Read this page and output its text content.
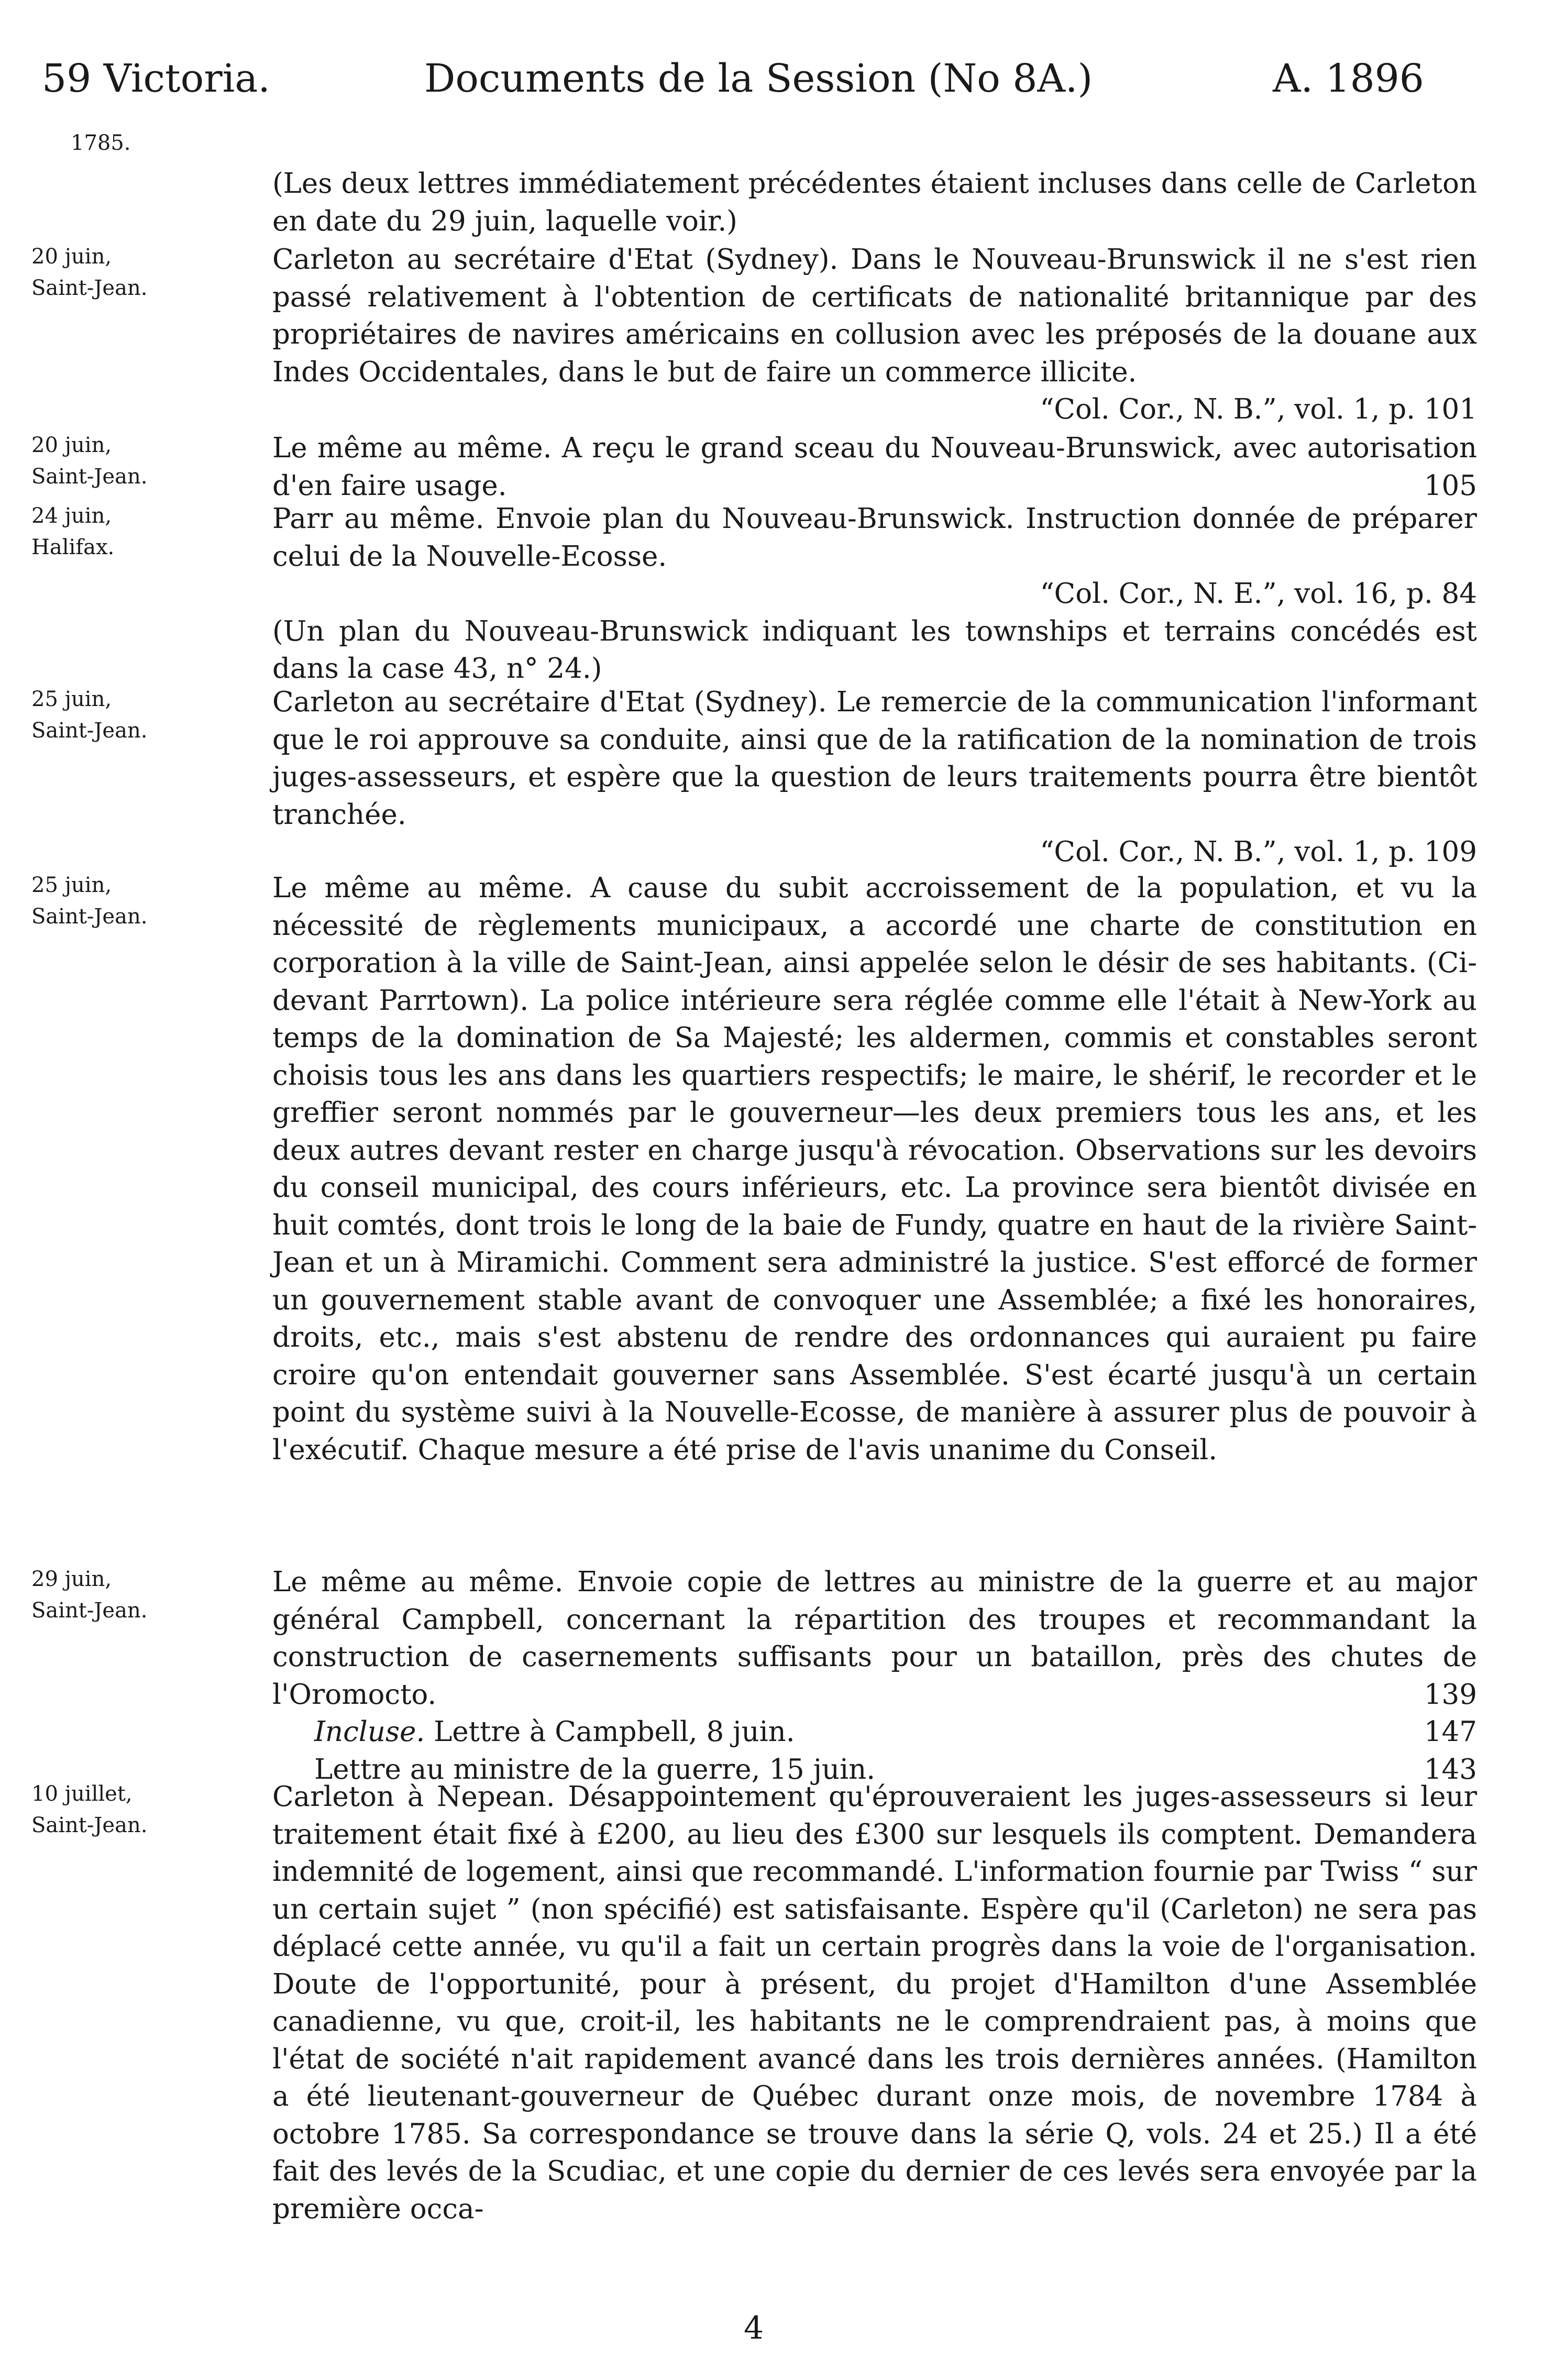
59 Victoria.	Documents de la Session (No 8A.)	A. 1896
1785.
(Les deux lettres immédiatement précédentes étaient incluses dans celle de Carleton en date du 29 juin, laquelle voir.)
20 juin,
Saint-Jean.
Carleton au secrétaire d'Etat (Sydney). Dans le Nouveau-Brunswick il ne s'est rien passé relativement à l'obtention de certificats de nationalité britannique par des propriétaires de navires américains en collusion avec les préposés de la douane aux Indes Occidentales, dans le but de faire un commerce illicite.
“Col. Cor., N. B.”, vol. 1, p. 101
20 juin,
Saint-Jean.
Le même au même. A reçu le grand sceau du Nouveau-Brunswick, avec autorisation d'en faire usage.	105
24 juin,
Halifax.
Parr au même. Envoie plan du Nouveau-Brunswick. Instruction donnée de préparer celui de la Nouvelle-Ecosse.
“Col. Cor., N. E.”, vol. 16, p. 84
(Un plan du Nouveau-Brunswick indiquant les townships et terrains concédés est dans la case 43, n° 24.)
25 juin,
Saint-Jean.
Carleton au secrétaire d'Etat (Sydney). Le remercie de la communication l'informant que le roi approuve sa conduite, ainsi que de la ratification de la nomination de trois juges-assesseurs, et espère que la question de leurs traitements pourra être bientôt tranchée.
“Col. Cor., N. B.”, vol. 1, p. 109
25 juin,
Saint-Jean.
Le même au même. A cause du subit accroissement de la population, et vu la nécessité de règlements municipaux, a accordé une charte de constitution en corporation à la ville de Saint-Jean, ainsi appelée selon le désir de ses habitants. (Ci-devant Parrtown). La police intérieure sera réglée comme elle l'était à New-York au temps de la domination de Sa Majesté; les aldermen, commis et constables seront choisis tous les ans dans les quartiers respectifs; le maire, le shérif, le recorder et le greffier seront nommés par le gouverneur—les deux premiers tous les ans, et les deux autres devant rester en charge jusqu'à révocation. Observations sur les devoirs du conseil municipal, des cours inférieurs, etc. La province sera bientôt divisée en huit comtés, dont trois le long de la baie de Fundy, quatre en haut de la rivière Saint-Jean et un à Miramichi. Comment sera administré la justice. S'est efforcé de former un gouvernement stable avant de convoquer une Assemblée; a fixé les honoraires, droits, etc., mais s'est abstenu de rendre des ordonnances qui auraient pu faire croire qu'on entendait gouverner sans Assemblée. S'est écarté jusqu'à un certain point du système suivi à la Nouvelle-Ecosse, de manière à assurer plus de pouvoir à l'exécutif. Chaque mesure a été prise de l'avis unanime du Conseil.
29 juin,
Saint-Jean.
Le même au même. Envoie copie de lettres au ministre de la guerre et au major général Campbell, concernant la répartition des troupes et recommandant la construction de casernements suffisants pour un bataillon, près des chutes de l'Oromocto.	139
Incluse. Lettre à Campbell, 8 juin.	147
Lettre au ministre de la guerre, 15 juin.	143
10 juillet,
Saint-Jean.
Carleton à Nepean. Désappointement qu'éprouveraient les juges-assesseurs si leur traitement était fixé à £200, au lieu des £300 sur lesquels ils comptent. Demandera indemnité de logement, ainsi que recommandé. L'information fournie par Twiss “ sur un certain sujet ” (non spécifié) est satisfaisante. Espère qu'il (Carleton) ne sera pas déplacé cette année, vu qu'il a fait un certain progrès dans la voie de l'organisation. Doute de l'opportunité, pour à présent, du projet d'Hamilton d'une Assemblée canadienne, vu que, croit-il, les habitants ne le comprendraient pas, à moins que l'état de société n'ait rapidement avancé dans les trois dernières années. (Hamilton a été lieutenant-gouverneur de Québec durant onze mois, de novembre 1784 à octobre 1785. Sa correspondance se trouve dans la série Q, vols. 24 et 25.) Il a été fait des levés de la Scudiac, et une copie du dernier de ces levés sera envoyée par la première occa-
4
